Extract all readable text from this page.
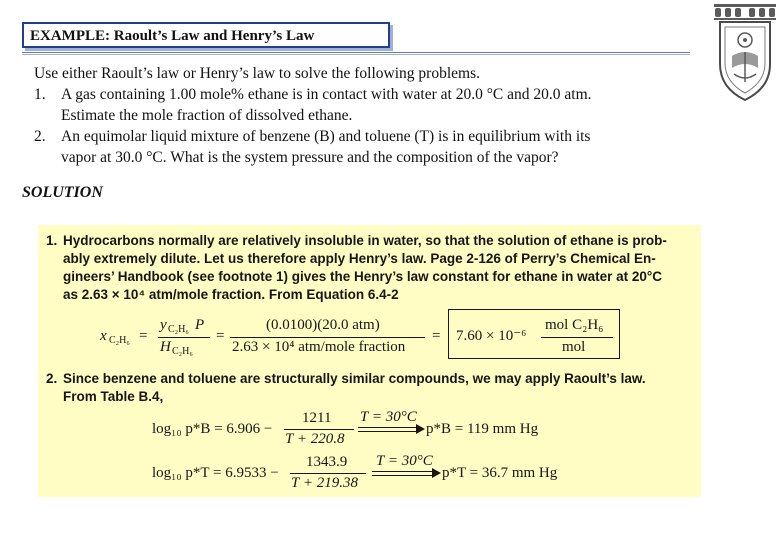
EXAMPLE: Raoult’s Law and Henry’s Law
Use either Raoult’s law or Henry’s law to solve the following problems.
1. A gas containing 1.00 mole% ethane is in contact with water at 20.0 °C and 20.0 atm.
Estimate the mole fraction of dissolved ethane.
2. An equimolar liquid mixture of benzene (B) and toluene (T) is in equilibrium with its
vapor at 30.0 °C. What is the system pressure and the composition of the vapor?
SOLUTION
1. Hydrocarbons normally are relatively insoluble in water, so that the solution of ethane is prob-
ably extremely dilute. Let us therefore apply Henry’s law. Page 2-126 of Perry’s Chemical En-
gineers’ Handbook (see footnote 1) gives the Henry’s law constant for ethane in water at 20°C
as 2.63 × 10⁴ atm/mole fraction. From Equation 6.4-2
x C₂H₆ =
y C₂H₆ P
H C₂H₆
=
(0.0100)(20.0 atm)
2.63 × 10⁴ atm/mole fraction
= 7.60 × 10⁻⁶
mol C₂H₆
mol
2. Since benzene and toluene are structurally similar compounds, we may apply Raoult’s law.
From Table B.4,
log₁₀ p*B = 6.906 −
1211
T + 220.8
T = 30°C
p*B = 119 mm Hg
log₁₀ p*T = 6.9533 −
1343.9
T + 219.38
T = 30°C
p*T = 36.7 mm Hg
